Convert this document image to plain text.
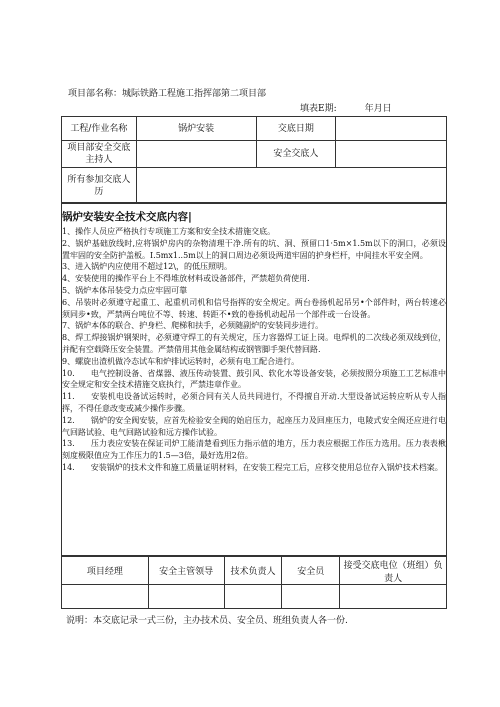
项目部名称：城际铁路工程施工指挥部第二项目部
填表E期:	年月日
工程/作业名称	锅炉安装	交底日期	
项目部安全交底主持人		安全交底人	
所有参加交底人历			
锅炉安装安全技术交底内容|

1、操作人员应严格执行专项施工方案和安全技术措施交底。

2、锅炉基础放线时,应将锅炉房内的杂物清理干净.所有的坑、洞、预留口1·5m×1.5m以下的洞口，必须设置牢固的安全防护盖板。I.5mx1..5m以上的洞口周边必须设两道牢固的护身栏杆，中间挂水平安全网。

3、进入锅炉内应使用不超过12\，的低压照明。

4、安装使用的操作平台上不得堆放材料或设备部件，严禁超负荷使用.

5、锅炉本体吊装受力点应牢固可靠

6、吊装时必须遵守起重工、起重机司机和信号指挥的安全规定。两台卷扬机起吊另•个部件时，两台转速必须同步•致，严禁两台吨位不等、转速、转距不•致的卷扬机动起吊一个部件或一台设备。

7、锅炉本体的联合、护身栏、爬梯和扶手，必须随副炉的安装同步进行。

8、焊工焊接锅炉钢架时，必须遵守焊工的有关规定，压力容器焊工证上岗。电焊机的二次线必须双线到位，并配有空载降压安全装置。严禁借用其他金属结构或钢管脚手架代替回路.

9、螺旋出渣机做冷态试车和炉排试运转时，必须有电工配合进行。

10.　　电气控制设备、省煤器、液压传动装置、鼓引风、软化水等设备安装，必须按照分项施工工艺标准中安全规定和安全技术措施交底执行，严禁违章作业。

11.　　安装机电设备试运转时，必须合同有关人员共同进行，不得擅自开动.大型设备试运转应听从专人指挥，不得任意改变或减少操作步骤。

12.　　锅炉的安全阀安装，应首先检验安全阀的始启压力，起座压力及回座压力，电陵式安全阀还应进行电气回路试验、电气回路试验和远方操作试验。

13.　　压力表应安装在保证司炉工能清楚看到压力指示值的地方，压力表应根据工作压力选用。压力表表楸刻度极限值应为工作压力的1.5—3倍，最好选用2倍。

14.　　安装锅炉的技术文件和施工质量证明材料，在安装工程完工后，应移交使用总位存入锅炉技术档案。

项目经理	安全主管领导	技术负责人	安全员	接受交底电位（班组）负责人

说明：本交底记录一式三份，主办技术员、安全员、班组负责人各一份.
